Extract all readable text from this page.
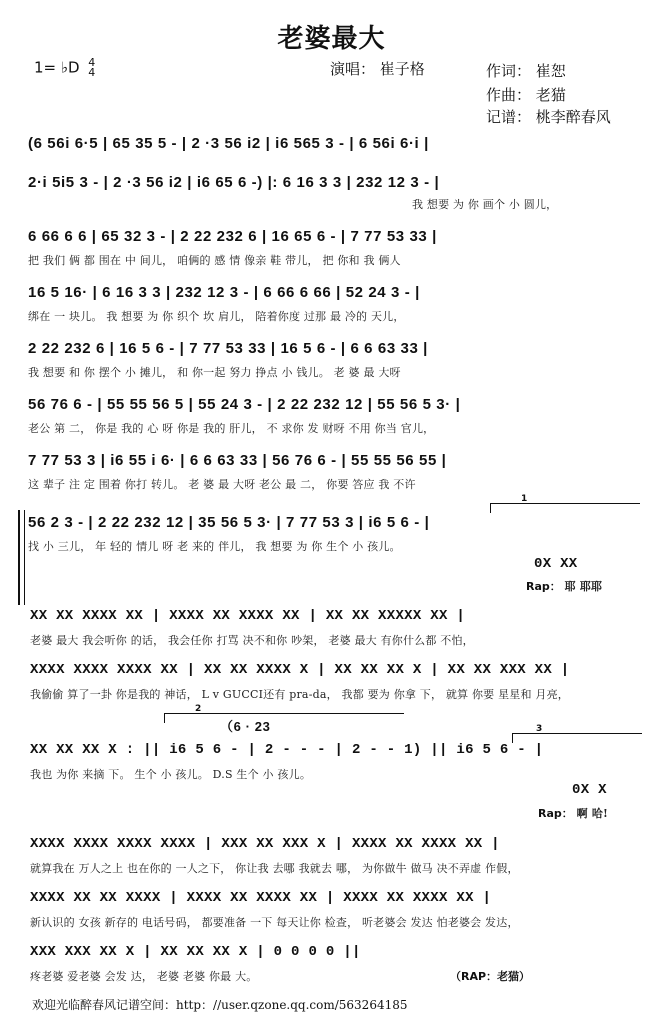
老婆最大
1= ♭D 4
4	演唱： 崔子格	作词： 崔恕
作曲： 老猫
记谱： 桃李醉春风
(6 56i 6·5 | 65 35 5 - | 2 ·3 56 i2 | i6 565 3 - | 6 56i 6·i |
2·i 5i5 3 - | 2 ·3 56 i2 | i6 65 6 -) |: 6 16 3 3 | 232 12 3 - |
我 想要 为 你 画个 小 圆儿，
6 66 6 6 | 65 32 3 - | 2 22 232 6 | 16 65 6 - | 7 77 53 33 |
把 我们 俩 都 围在 中 间儿， 咱俩的 感 情 像亲 鞋 带儿， 把 你和 我 俩人
16 5 16· | 6 16 3 3 | 232 12 3 - | 6 66 6 66 | 52 24 3 - |
绑在 一 块儿。 我 想要 为 你 织个 坎 肩儿， 陪着你度 过那 最 冷的 天儿，
2 22 232 6 | 16 5 6 - | 7 77 53 33 | 16 5 6 - | 6 6 63 33 |
我 想要 和 你 摆个 小 摊儿， 和 你一起 努力 挣点 小 钱儿。 老 婆 最 大呀
56 76 6 - | 55 55 56 5 | 55 24 3 - | 2 22 232 12 | 55 56 5 3· |
老公 第 二， 你是 我的 心 呀 你是 我的 肝儿， 不 求你 发 财呀 不用 你当 官儿，
7 77 53 3 | i6 55 i 6· | 6 6 63 33 | 56 76 6 - | 55 55 56 55 |
这 辈子 注 定 围着 你打 转儿。 老 婆 最 大呀 老公 最 二， 你要 答应 我 不许
1
56 2 3 - | 2 22 232 12 | 35 56 5 3· | 7 77 53 3 | i6 5 6 - |
找 小 三儿， 年 轻的 情儿 呀 老 来的 伴儿， 我 想要 为 你 生个 小 孩儿。
0X XX
Rap： 耶 耶耶
XX XX XXXX XX | XXXX XX XXXX XX | XX XX XXXXX XX |
老婆 最大 我会听你 的话， 我会任你 打骂 决不和你 吵架， 老婆 最大 有你什么都 不怕，
XXXX XXXX XXXX XX | XX XX XXXX X | XX XX XX X | XX XX XXX XX |
我偷偷 算了一卦 你是我的 神话， L v GUCCI还有 pra-da， 我都 要为 你拿 下， 就算 你要 星星和 月亮，
2
（6 · 23	3
XX XX XX X : || i6 5 6 - | 2 - - - | 2 - - 1) || i6 5 6 - |
我也 为你 来摘 下。 生个 小 孩儿。 D.S 生个 小 孩儿。
0X X
Rap： 啊 哈!
XXXX XXXX XXXX XXXX | XXX XX XXX X | XXXX XX XXXX XX |
就算我在 万人之上 也在你的 一人之下， 你让我 去哪 我就去 哪， 为你做牛 做马 决不弄虚 作假，
XXXX XX XX XXXX | XXXX XX XXXX XX | XXXX XX XXXX XX |
新认识的 女孩 新存的 电话号码， 都要准备 一下 每天让你 检查， 听老婆会 发达 怕老婆会 发达，
XXX XXX XX X | XX XX XX X | 0 0 0 0 ||
疼老婆 爱老婆 会发 达， 老婆 老婆 你最 大。	（RAP：老猫）
欢迎光临醉春风记谱空间：http：//user.qzone.qq.com/563264185
